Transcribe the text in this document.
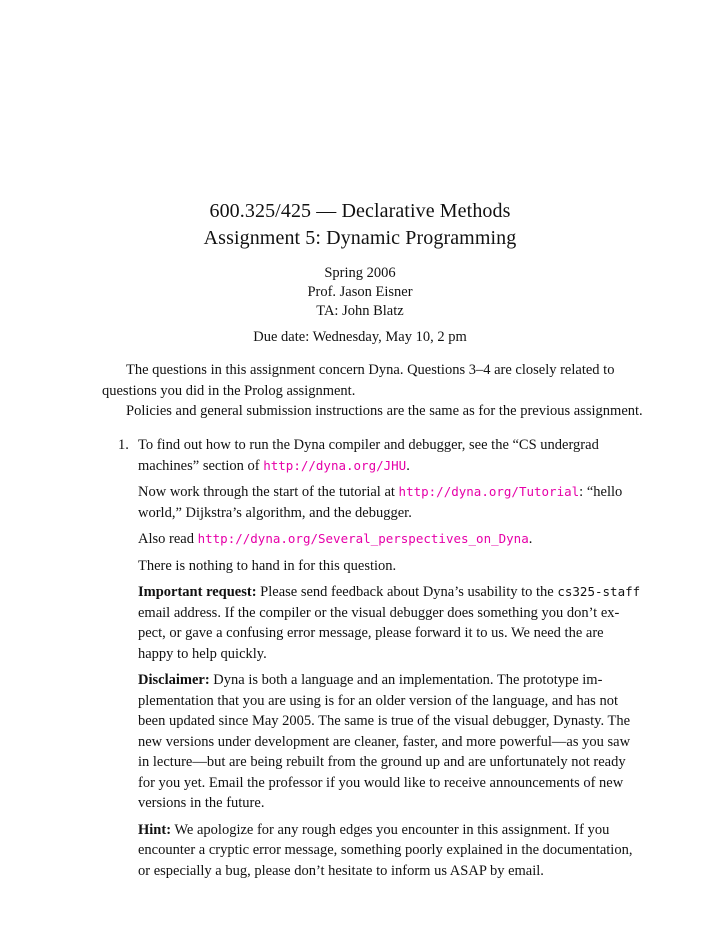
600.325/425 — Declarative Methods
Assignment 5: Dynamic Programming
Spring 2006
Prof. Jason Eisner
TA: John Blatz
Due date: Wednesday, May 10, 2 pm
The questions in this assignment concern Dyna. Questions 3–4 are closely related to
questions you did in the Prolog assignment.
Policies and general submission instructions are the same as for the previous assignment.
1. To find out how to run the Dyna compiler and debugger, see the “CS undergrad
machines” section of http://dyna.org/JHU.
Now work through the start of the tutorial at http://dyna.org/Tutorial: “hello
world,” Dijkstra’s algorithm, and the debugger.
Also read http://dyna.org/Several_perspectives_on_Dyna.
There is nothing to hand in for this question.
Important request: Please send feedback about Dyna’s usability to the cs325-staff
email address. If the compiler or the visual debugger does something you don’t ex-
pect, or gave a confusing error message, please forward it to us. We need the are
happy to help quickly.
Disclaimer: Dyna is both a language and an implementation. The prototype im-
plementation that you are using is for an older version of the language, and has not
been updated since May 2005. The same is true of the visual debugger, Dynasty. The
new versions under development are cleaner, faster, and more powerful—as you saw
in lecture—but are being rebuilt from the ground up and are unfortunately not ready
for you yet. Email the professor if you would like to receive announcements of new
versions in the future.
Hint: We apologize for any rough edges you encounter in this assignment. If you
encounter a cryptic error message, something poorly explained in the documentation,
or especially a bug, please don’t hesitate to inform us ASAP by email.
